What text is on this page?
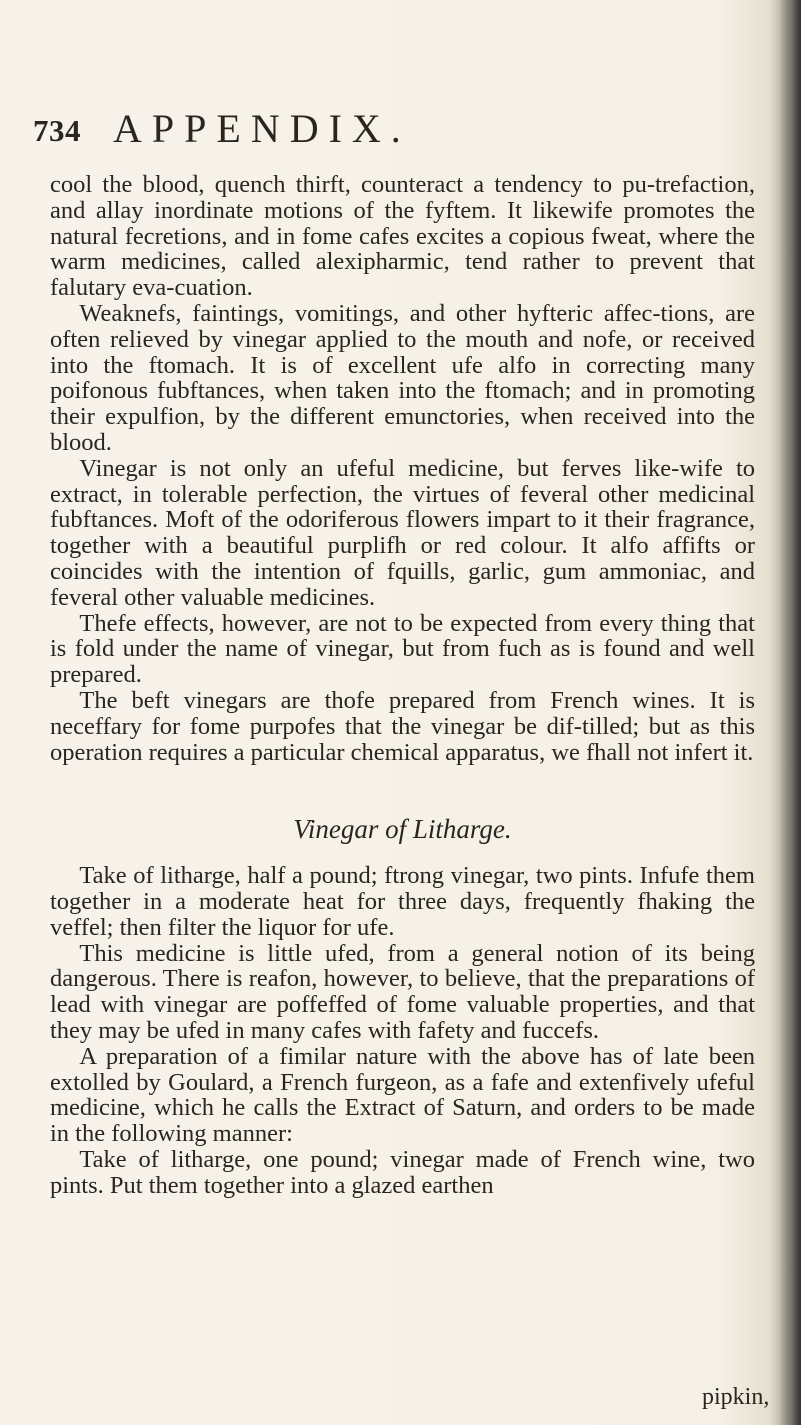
734 APPENDIX.

cool the blood, quench thirft, counteract a tendency to pu-trefaction, and allay inordinate motions of the fyftem. It likewife promotes the natural fecretions, and in fome cafes excites a copious fweat, where the warm medicines, called alexipharmic, tend rather to prevent that falutary eva-cuation.

Weaknefs, faintings, vomitings, and other hyfteric affec-tions, are often relieved by vinegar applied to the mouth and nofe, or received into the ftomach. It is of excellent ufe alfo in correcting many poifonous fubftances, when taken into the ftomach; and in promoting their expulfion, by the different emunctories, when received into the blood.

Vinegar is not only an ufeful medicine, but ferves like-wife to extract, in tolerable perfection, the virtues of feveral other medicinal fubftances. Moft of the odoriferous flowers impart to it their fragrance, together with a beautiful purplifh or red colour. It alfo affifts or coincides with the intention of fquills, garlic, gum ammoniac, and feveral other valuable medicines.

Thefe effects, however, are not to be expected from every thing that is fold under the name of vinegar, but from fuch as is found and well prepared.

The beft vinegars are thofe prepared from French wines. It is neceffary for fome purpofes that the vinegar be dif-tilled; but as this operation requires a particular chemical apparatus, we fhall not infert it.

Vinegar of Litharge.

Take of litharge, half a pound; ftrong vinegar, two pints. Infufe them together in a moderate heat for three days, frequently fhaking the veffel; then filter the liquor for ufe.

This medicine is little ufed, from a general notion of its being dangerous. There is reafon, however, to believe, that the preparations of lead with vinegar are poffeffed of fome valuable properties, and that they may be ufed in many cafes with fafety and fuccefs.

A preparation of a fimilar nature with the above has of late been extolled by Goulard, a French furgeon, as a fafe and extenfively ufeful medicine, which he calls the Extract of Saturn, and orders to be made in the following manner:

Take of litharge, one pound; vinegar made of French wine, two pints. Put them together into a glazed earthen

pipkin,
